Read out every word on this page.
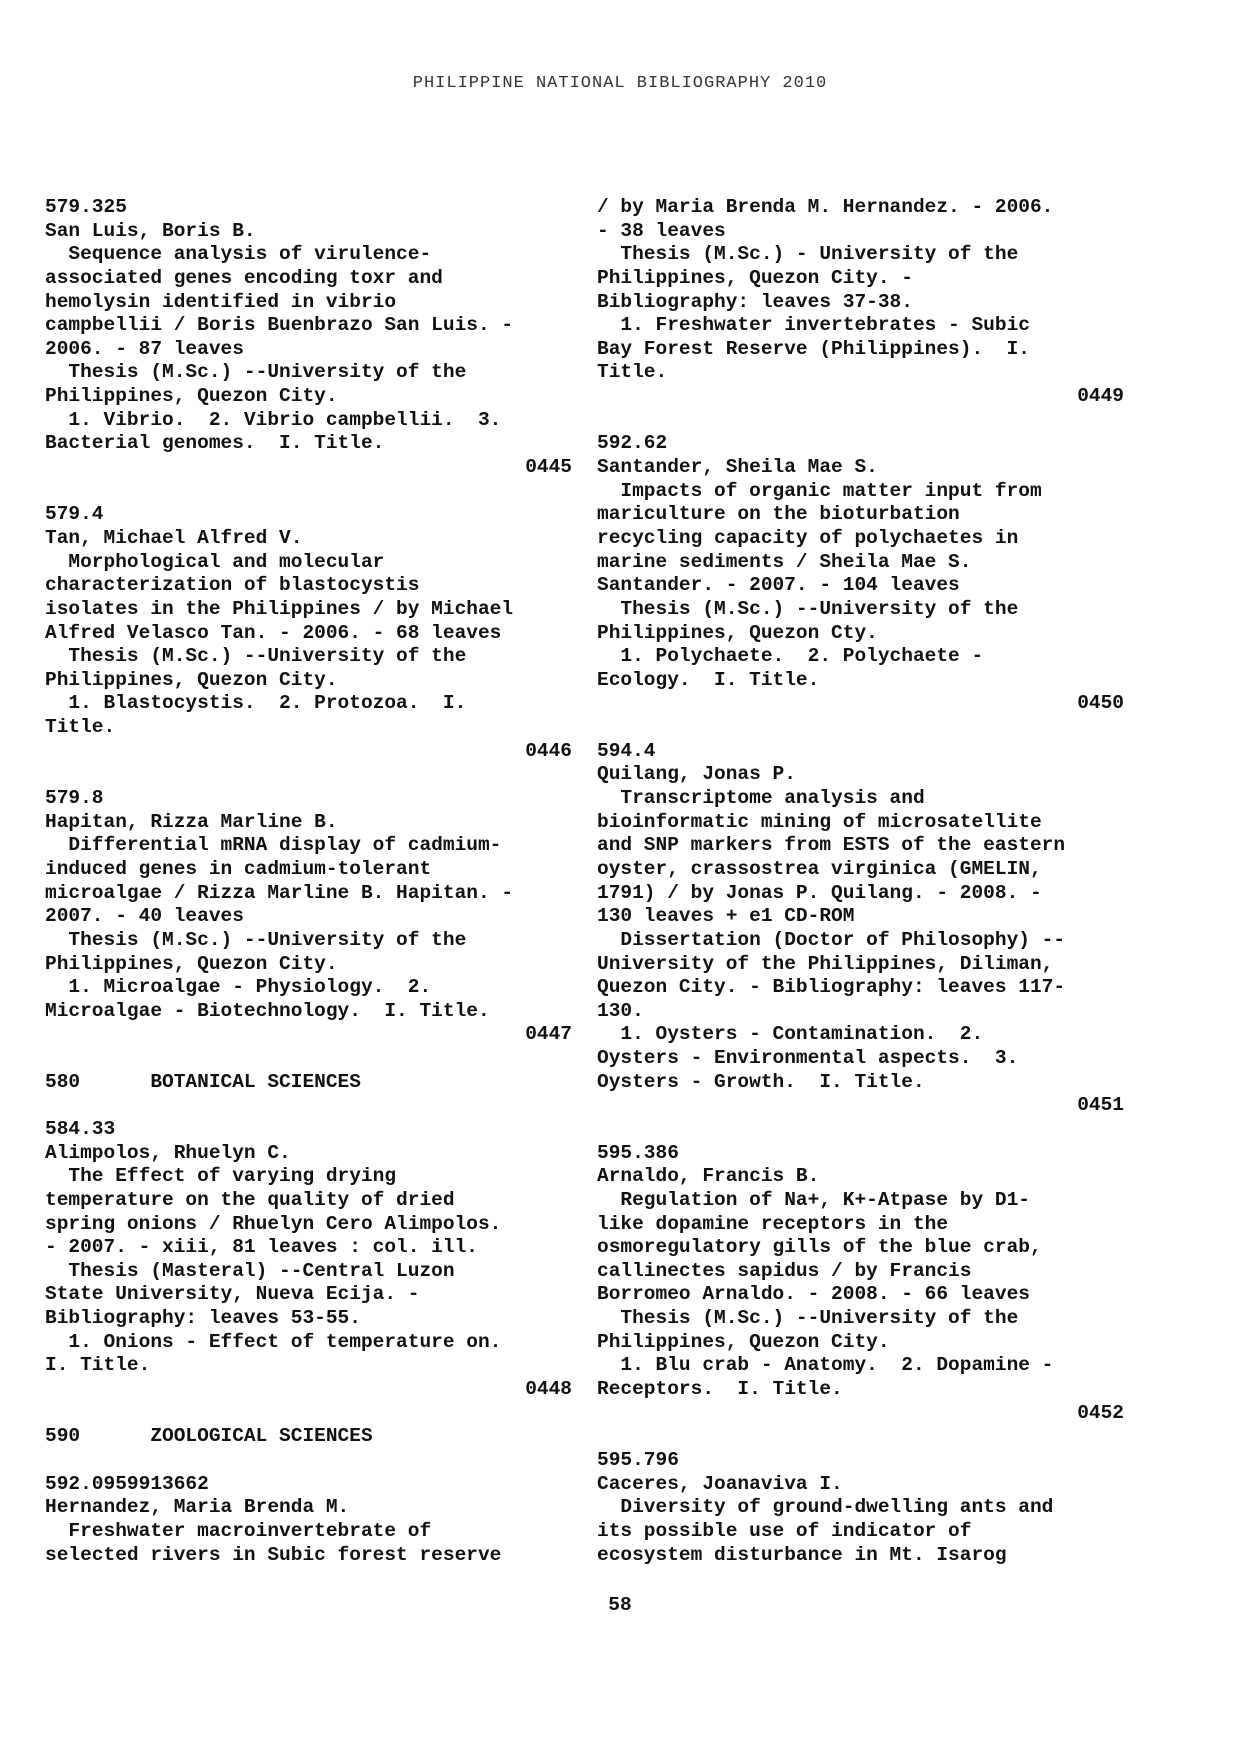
PHILIPPINE NATIONAL BIBLIOGRAPHY 2010
579.325
San Luis, Boris B.
Sequence analysis of virulence-
associated genes encoding toxr and
hemolysin identified in vibrio
campbellii / Boris Buenbrazo San Luis. -
2006. - 87 leaves
Thesis (M.Sc.) --University of the
Philippines, Quezon City.
1. Vibrio.  2. Vibrio campbellii.  3.
Bacterial genomes.  I. Title.
0445
579.4
Tan, Michael Alfred V.
Morphological and molecular
characterization of blastocystis
isolates in the Philippines / by Michael
Alfred Velasco Tan. - 2006. - 68 leaves
Thesis (M.Sc.) --University of the
Philippines, Quezon City.
1. Blastocystis.  2. Protozoa.  I.
Title.
0446
579.8
Hapitan, Rizza Marline B.
Differential mRNA display of cadmium-
induced genes in cadmium-tolerant
microalgae / Rizza Marline B. Hapitan. -
2007. - 40 leaves
Thesis (M.Sc.) --University of the
Philippines, Quezon City.
1. Microalgae - Physiology.  2.
Microalgae - Biotechnology.  I. Title.
0447
580      BOTANICAL SCIENCES
584.33
Alimpolos, Rhuelyn C.
The Effect of varying drying
temperature on the quality of dried
spring onions / Rhuelyn Cero Alimpolos.
- 2007. - xiii, 81 leaves : col. ill.
Thesis (Masteral) --Central Luzon
State University, Nueva Ecija. -
Bibliography: leaves 53-55.
1. Onions - Effect of temperature on.
I. Title.
0448
590      ZOOLOGICAL SCIENCES
592.0959913662
Hernandez, Maria Brenda M.
Freshwater macroinvertebrate of
selected rivers in Subic forest reserve
/ by Maria Brenda M. Hernandez. - 2006.
- 38 leaves
Thesis (M.Sc.) - University of the
Philippines, Quezon City. -
Bibliography: leaves 37-38.
1. Freshwater invertebrates - Subic
Bay Forest Reserve (Philippines).  I.
Title.
0449
592.62
Santander, Sheila Mae S.
Impacts of organic matter input from
mariculture on the bioturbation
recycling capacity of polychaetes in
marine sediments / Sheila Mae S.
Santander. - 2007. - 104 leaves
Thesis (M.Sc.) --University of the
Philippines, Quezon Cty.
1. Polychaete.  2. Polychaete -
Ecology.  I. Title.
0450
594.4
Quilang, Jonas P.
Transcriptome analysis and
bioinformatic mining of microsatellite
and SNP markers from ESTS of the eastern
oyster, crassostrea virginica (GMELIN,
1791) / by Jonas P. Quilang. - 2008. -
130 leaves + e1 CD-ROM
Dissertation (Doctor of Philosophy) --
University of the Philippines, Diliman,
Quezon City. - Bibliography: leaves 117-
130.
1. Oysters - Contamination.  2.
Oysters - Environmental aspects.  3.
Oysters - Growth.  I. Title.
0451
595.386
Arnaldo, Francis B.
Regulation of Na+, K+-Atpase by D1-
like dopamine receptors in the
osmoregulatory gills of the blue crab,
callinectes sapidus / by Francis
Borromeo Arnaldo. - 2008. - 66 leaves
Thesis (M.Sc.) --University of the
Philippines, Quezon City.
1. Blu crab - Anatomy.  2. Dopamine -
Receptors.  I. Title.
0452
595.796
Caceres, Joanaviva I.
Diversity of ground-dwelling ants and
its possible use of indicator of
ecosystem disturbance in Mt. Isarog
58
